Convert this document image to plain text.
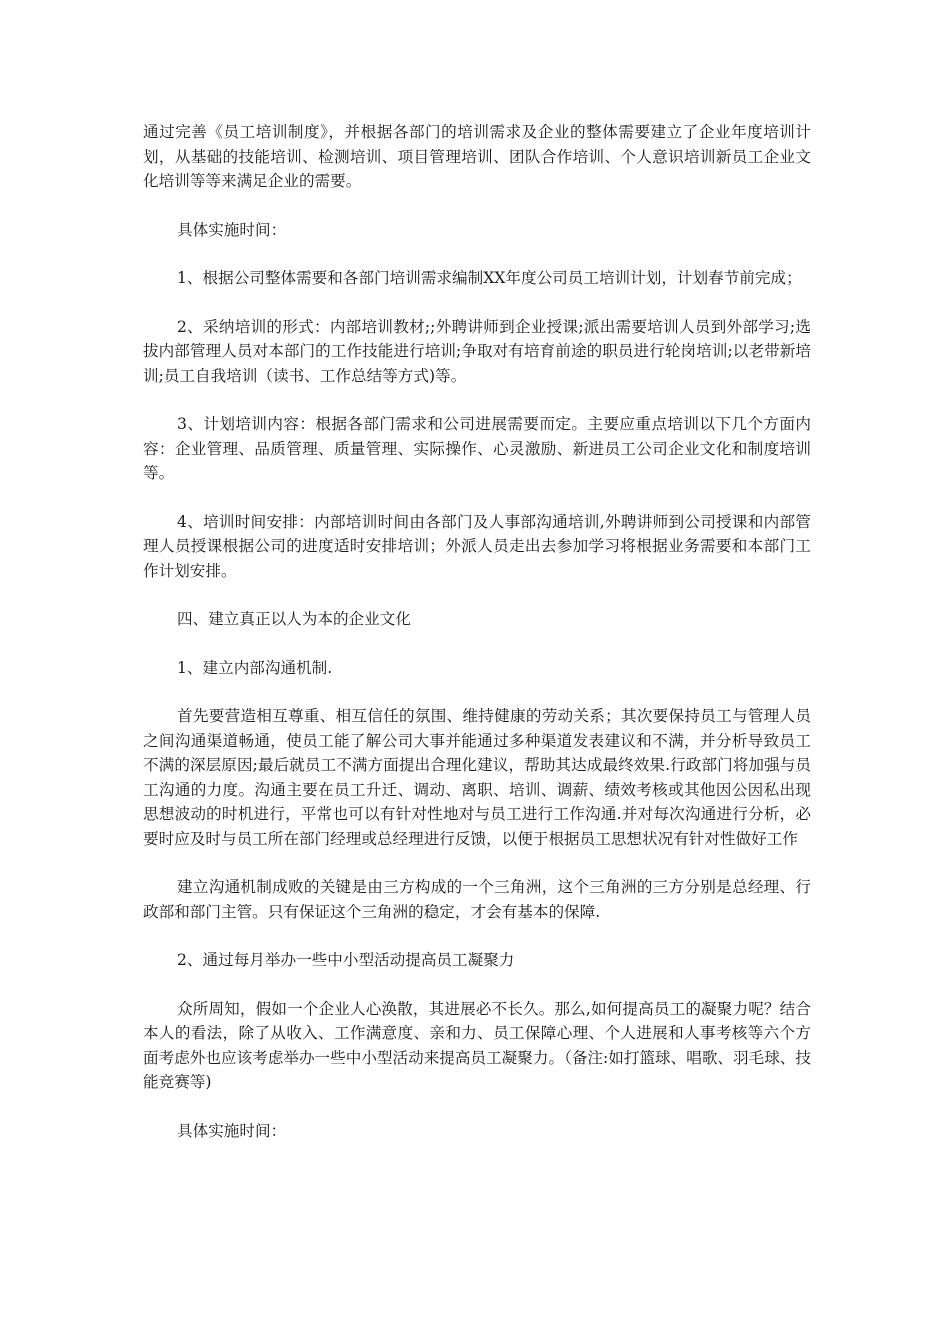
通过完善《员工培训制度》，并根据各部门的培训需求及企业的整体需要建立了企业年度培训计划，从基础的技能培训、检测培训、项目管理培训、团队合作培训、个人意识培训新员工企业文化培训等等来满足企业的需要。

具体实施时间：

1、根据公司整体需要和各部门培训需求编制XX年度公司员工培训计划，计划春节前完成；

2、采纳培训的形式：内部培训教材;;外聘讲师到企业授课;派出需要培训人员到外部学习;选拔内部管理人员对本部门的工作技能进行培训;争取对有培育前途的职员进行轮岗培训;以老带新培训;员工自我培训（读书、工作总结等方式)等。

3、计划培训内容：根据各部门需求和公司进展需要而定。主要应重点培训以下几个方面内容：企业管理、品质管理、质量管理、实际操作、心灵激励、新进员工公司企业文化和制度培训等。

4、培训时间安排：内部培训时间由各部门及人事部沟通培训,外聘讲师到公司授课和内部管理人员授课根据公司的进度适时安排培训；外派人员走出去参加学习将根据业务需要和本部门工作计划安排。

四、建立真正以人为本的企业文化

1、建立内部沟通机制.

首先要营造相互尊重、相互信任的氛围、维持健康的劳动关系；其次要保持员工与管理人员之间沟通渠道畅通，使员工能了解公司大事并能通过多种渠道发表建议和不满，并分析导致员工不满的深层原因;最后就员工不满方面提出合理化建议，帮助其达成最终效果.行政部门将加强与员工沟通的力度。沟通主要在员工升迁、调动、离职、培训、调薪、绩效考核或其他因公因私出现思想波动的时机进行，平常也可以有针对性地对与员工进行工作沟通.并对每次沟通进行分析，必要时应及时与员工所在部门经理或总经理进行反馈，以便于根据员工思想状况有针对性做好工作

建立沟通机制成败的关键是由三方构成的一个三角洲，这个三角洲的三方分别是总经理、行政部和部门主管。只有保证这个三角洲的稳定，才会有基本的保障.

2、通过每月举办一些中小型活动提高员工凝聚力

众所周知，假如一个企业人心涣散，其进展必不长久。那么,如何提高员工的凝聚力呢？结合本人的看法，除了从收入、工作满意度、亲和力、员工保障心理、个人进展和人事考核等六个方面考虑外也应该考虑举办一些中小型活动来提高员工凝聚力。（备注:如打篮球、唱歌、羽毛球、技能竞赛等)

具体实施时间：
